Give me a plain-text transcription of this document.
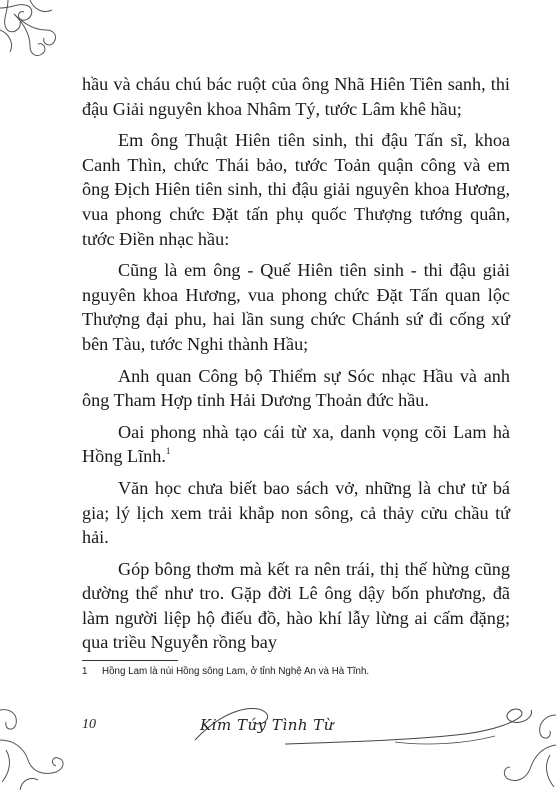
hầu và cháu chú bác ruột của ông Nhã Hiên Tiên sanh, thi đậu Giải nguyên khoa Nhâm Tý, tước Lâm khê hầu;

Em ông Thuật Hiên tiên sinh, thi đậu Tấn sĩ, khoa Canh Thìn, chức Thái bảo, tước Toản quận công và em ông Địch Hiên tiên sinh, thi đậu giải nguyên khoa Hương, vua phong chức Đặt tấn phụ quốc Thượng tướng quân, tước Điền nhạc hầu:

Cũng là em ông - Quế Hiên tiên sinh - thi đậu giải nguyên khoa Hương, vua phong chức Đặt Tấn quan lộc Thượng đại phu, hai lần sung chức Chánh sứ đi cống xứ bên Tàu, tước Nghi thành Hầu;

Anh quan Công bộ Thiểm sự Sóc nhạc Hầu và anh ông Tham Hợp tỉnh Hải Dương Thoản đức hầu.

Oai phong nhà tạo cái từ xa, danh vọng cõi Lam hà Hồng Lĩnh.$^1$

Văn học chưa biết bao sách vở, những là chư tử bá gia; lý lịch xem trải khắp non sông, cả thảy cửu chầu tứ hải.

Góp bông thơm mà kết ra nên trái, thị thế hừng cũng dường thể như tro. Gặp đời Lê ông dậy bốn phương, đã làm người liệp hộ điếu đồ, hào khí lẫy lừng ai cấm đặng; qua triều Nguyễn rồng bay

1 Hồng Lam là núi Hồng sông Lam, ở tỉnh Nghệ An và Hà Tĩnh.
10	Kim Túy Tình Từ
